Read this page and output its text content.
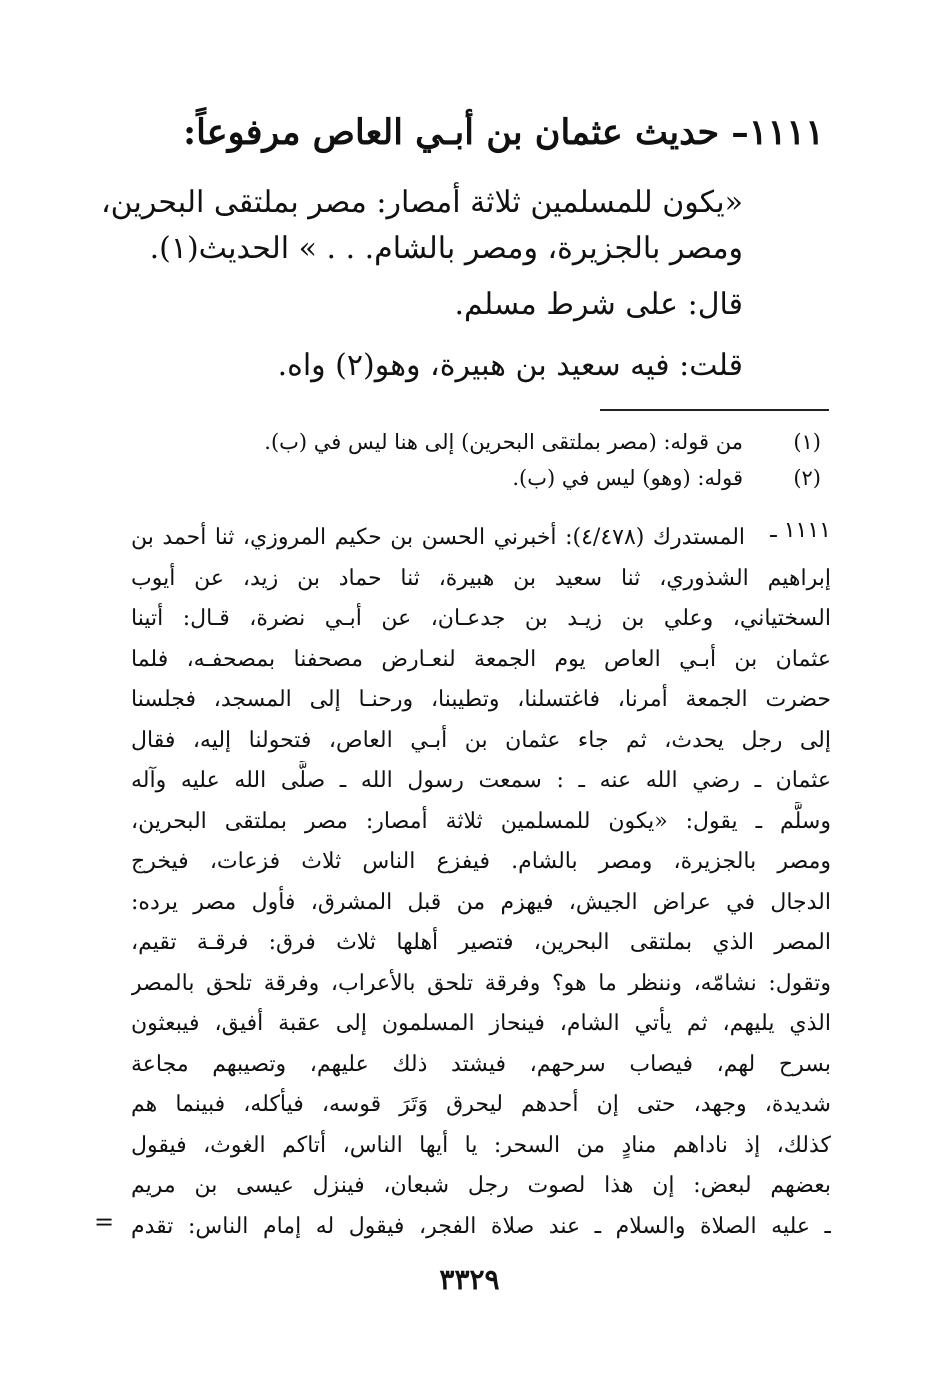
١١١١– حديث عثمان بن أبـي العاص مرفوعاً:
«يكون للمسلمين ثلاثة أمصار: مصر بملتقى البحرين،
ومصر بالجزيرة، ومصر بالشام. . . » الحديث(١).
قال: على شرط مسلم.
قلت: فيه سعيد بن هبيرة، وهو(٢) واه.
(١)
من قوله: (مصر بملتقى البحرين) إلى هنا ليس في (ب).
(٢)
قوله: (وهو) ليس في (ب).
١١١١ ـ
المستدرك (٤/٤٧٨): أخبرني الحسن بن حكيم المروزي، ثنا أحمد بن
إبراهيم الشذوري، ثنا سعيد بن هبيرة، ثنا حماد بن زيد، عن أيوب
السختياني، وعلي بن زيـد بن جدعـان، عن أبـي نضرة، قـال: أتينا
عثمان بن أبـي العاص يوم الجمعة لنعـارض مصحفنا بمصحفـه، فلما
حضرت الجمعة أمرنا، فاغتسلنا، وتطيبنا، ورحنـا إلى المسجد، فجلسنا
إلى رجل يحدث، ثم جاء عثمان بن أبـي العاص، فتحولنا إليه، فقال
عثمان ـ رضي الله عنه ـ : سمعت رسول الله ـ صلَّى الله عليه وآله
وسلَّم ـ يقول: «يكون للمسلمين ثلاثة أمصار: مصر بملتقى البحرين،
ومصر بالجزيرة، ومصر بالشام. فيفزع الناس ثلاث فزعات، فيخرج
الدجال في عراض الجيش، فيهزم من قبل المشرق، فأول مصر يرده:
المصر الذي بملتقى البحرين، فتصير أهلها ثلاث فرق: فرقـة تقيم،
وتقول: نشامّه، وننظر ما هو؟ وفرقة تلحق بالأعراب، وفرقة تلحق بالمصر
الذي يليهم، ثم يأتي الشام، فينحاز المسلمون إلى عقبة أفيق، فيبعثون
بسرح لهم، فيصاب سرحهم، فيشتد ذلك عليهم، وتصيبهم مجاعة
شديدة، وجهد، حتى إن أحدهم ليحرق وَتَرَ قوسه، فيأكله، فبينما هم
كذلك، إذ ناداهم منادٍ من السحر: يا أيها الناس، أتاكم الغوث، فيقول
بعضهم لبعض: إن هذا لصوت رجل شبعان، فينزل عيسى بن مريم
ـ عليه الصلاة والسلام ـ عند صلاة الفجر، فيقول له إمام الناس: تقدم
=
٣٣٢٩
